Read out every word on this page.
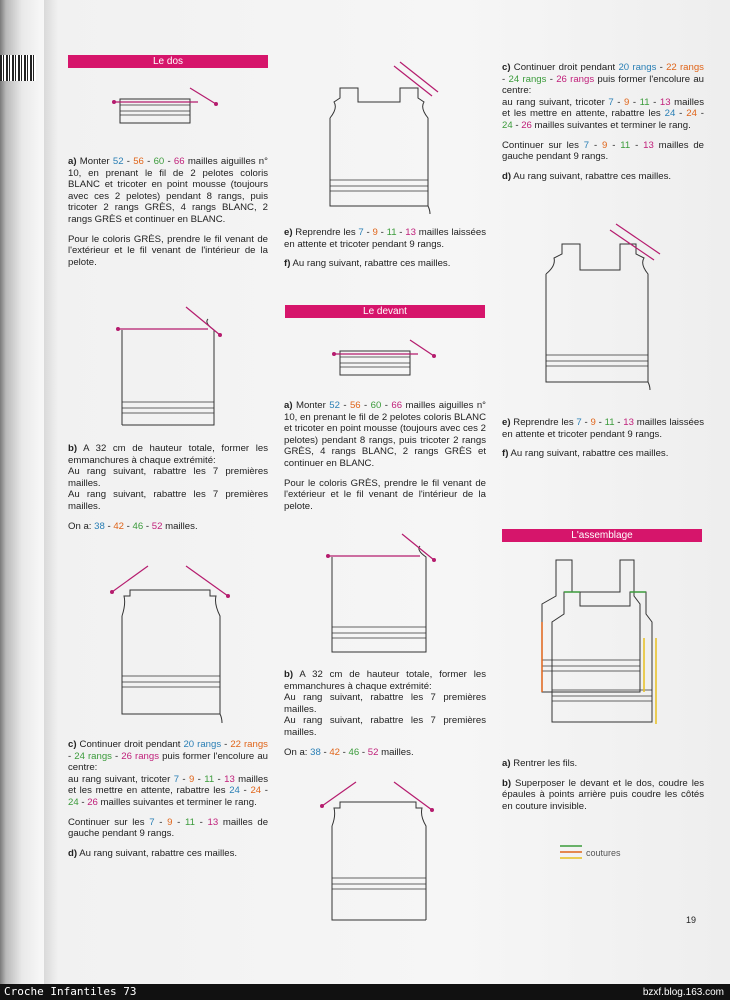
Le dos

a) Monter 52 - 56 - 60 - 66 mailles aiguilles n° 10, en prenant le fil de 2 pelotes coloris BLANC et tricoter en point mousse (toujours avec ces 2 pelotes) pendant 8 rangs, puis tricoter 2 rangs GRÈS, 4 rangs BLANC, 2 rangs GRÈS et continuer en BLANC.

Pour le coloris GRÈS, prendre le fil venant de l'extérieur et le fil venant de l'intérieur de la pelote.

b) A 32 cm de hauteur totale, former les emmanchures à chaque extrémité:
Au rang suivant, rabattre les 7 premières mailles.
Au rang suivant, rabattre les 7 premières mailles.

On a: 38 - 42 - 46 - 52 mailles.

c) Continuer droit pendant 20 rangs - 22 rangs - 24 rangs - 26 rangs puis former l'encolure au centre:
au rang suivant, tricoter 7 - 9 - 11 - 13 mailles et les mettre en attente, rabattre les 24 - 24 - 24 - 26 mailles suivantes et terminer le rang.

Continuer sur les 7 - 9 - 11 - 13 mailles de gauche pendant 9 rangs.

d) Au rang suivant, rabattre ces mailles.

e) Reprendre les 7 - 9 - 11 - 13 mailles laissées en attente et tricoter pendant 9 rangs.

f) Au rang suivant, rabattre ces mailles.

Le devant

a) Monter 52 - 56 - 60 - 66 mailles aiguilles n° 10, en prenant le fil de 2 pelotes coloris BLANC et tricoter en point mousse (toujours avec ces 2 pelotes) pendant 8 rangs, puis tricoter 2 rangs GRÈS, 4 rangs BLANC, 2 rangs GRÈS et continuer en BLANC.

Pour le coloris GRÈS, prendre le fil venant de l'extérieur et le fil venant de l'intérieur de la pelote.

b) A 32 cm de hauteur totale, former les emmanchures à chaque extrémité:
Au rang suivant, rabattre les 7 premières mailles.
Au rang suivant, rabattre les 7 premières mailles.

On a: 38 - 42 - 46 - 52 mailles.

c) Continuer droit pendant 20 rangs - 22 rangs - 24 rangs - 26 rangs puis former l'encolure au centre:
au rang suivant, tricoter 7 - 9 - 11 - 13 mailles et les mettre en attente, rabattre les 24 - 24 - 24 - 26 mailles suivantes et terminer le rang.

Continuer sur les 7 - 9 - 11 - 13 mailles de gauche pendant 9 rangs.

d) Au rang suivant, rabattre ces mailles.

e) Reprendre les 7 - 9 - 11 - 13 mailles laissées en attente et tricoter pendant 9 rangs.

f) Au rang suivant, rabattre ces mailles.

L'assemblage

a) Rentrer les fils.

b) Superposer le devant et le dos, coudre les épaules à points arrière puis coudre les côtés en couture invisible.

coutures
19
Croche Infantiles 73	bzxf.blog.163.com
